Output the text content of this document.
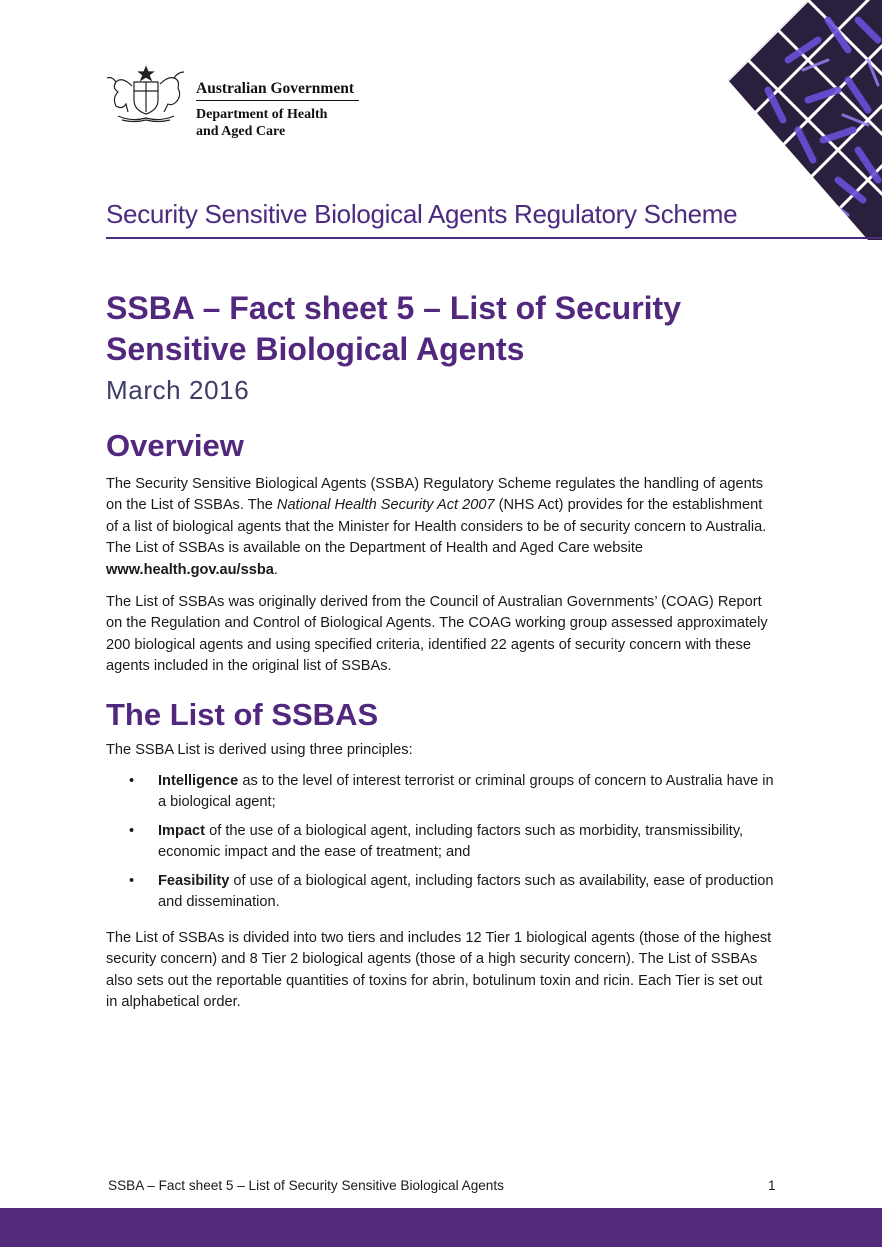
Australian Government
Department of Health
and Aged Care
Security Sensitive Biological Agents Regulatory Scheme
SSBA – Fact sheet 5 – List of Security Sensitive Biological Agents
March 2016
Overview

The Security Sensitive Biological Agents (SSBA) Regulatory Scheme regulates the handling of agents on the List of SSBAs. The National Health Security Act 2007 (NHS Act) provides for the establishment of a list of biological agents that the Minister for Health considers to be of security concern to Australia. The List of SSBAs is available on the Department of Health and Aged Care website www.health.gov.au/ssba.

The List of SSBAs was originally derived from the Council of Australian Governments’ (COAG) Report on the Regulation and Control of Biological Agents. The COAG working group assessed approximately 200 biological agents and using specified criteria, identified 22 agents of security concern with these agents included in the original list of SSBAs.

The List of SSBAS

The SSBA List is derived using three principles:

• Intelligence as to the level of interest terrorist or criminal groups of concern to Australia have in a biological agent;
• Impact of the use of a biological agent, including factors such as morbidity, transmissibility, economic impact and the ease of treatment; and
• Feasibility of use of a biological agent, including factors such as availability, ease of production and dissemination.

The List of SSBAs is divided into two tiers and includes 12 Tier 1 biological agents (those of the highest security concern) and 8 Tier 2 biological agents (those of a high security concern). The List of SSBAs also sets out the reportable quantities of toxins for abrin, botulinum toxin and ricin. Each Tier is set out in alphabetical order.

SSBA – Fact sheet 5 – List of Security Sensitive Biological Agents	1
